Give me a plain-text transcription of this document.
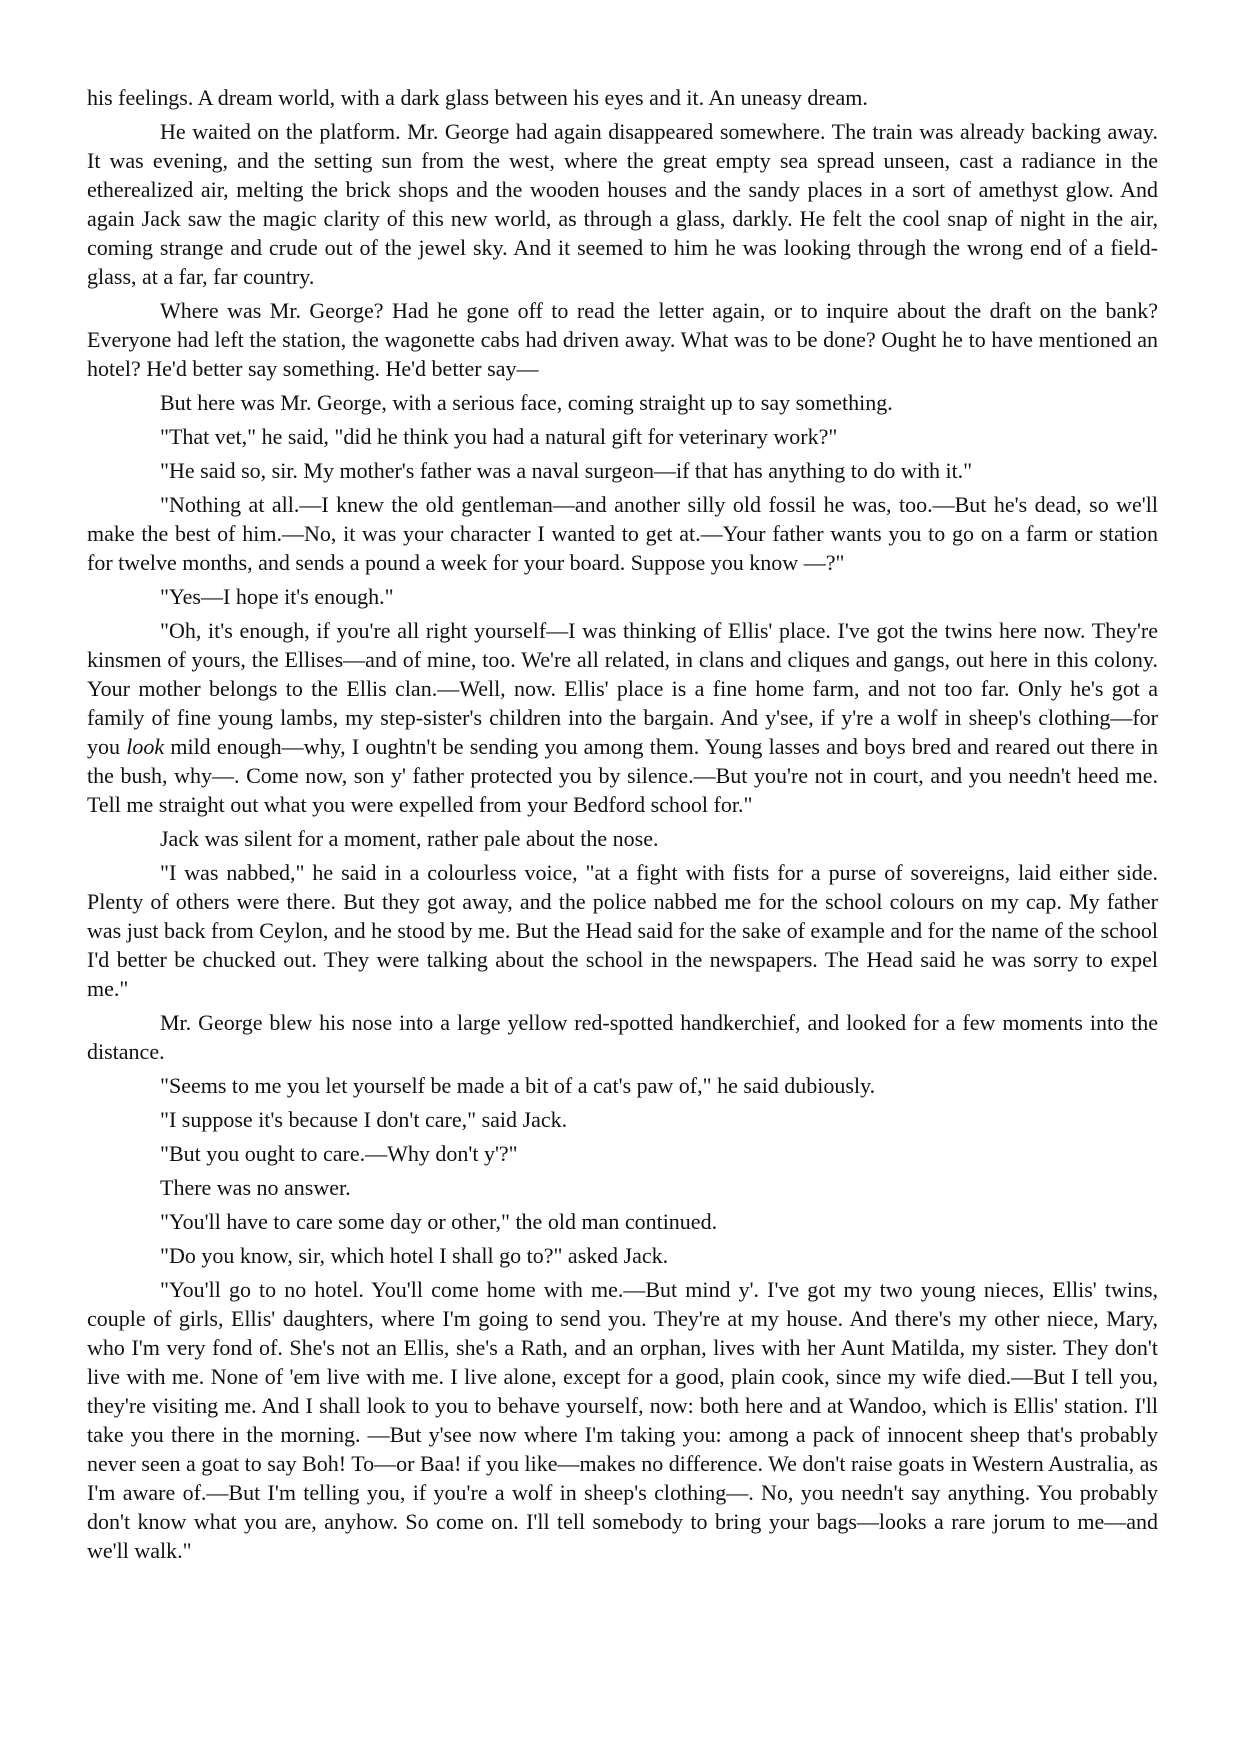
his feelings. A dream world, with a dark glass between his eyes and it. An uneasy dream.

He waited on the platform. Mr. George had again disappeared somewhere. The train was already backing away. It was evening, and the setting sun from the west, where the great empty sea spread unseen, cast a radiance in the etherealized air, melting the brick shops and the wooden houses and the sandy places in a sort of amethyst glow. And again Jack saw the magic clarity of this new world, as through a glass, darkly. He felt the cool snap of night in the air, coming strange and crude out of the jewel sky. And it seemed to him he was looking through the wrong end of a field-glass, at a far, far country.

Where was Mr. George? Had he gone off to read the letter again, or to inquire about the draft on the bank? Everyone had left the station, the wagonette cabs had driven away. What was to be done? Ought he to have mentioned an hotel? He'd better say something. He'd better say—

But here was Mr. George, with a serious face, coming straight up to say something.

"That vet," he said, "did he think you had a natural gift for veterinary work?"

"He said so, sir. My mother's father was a naval surgeon—if that has anything to do with it."

"Nothing at all.—I knew the old gentleman—and another silly old fossil he was, too.—But he's dead, so we'll make the best of him.—No, it was your character I wanted to get at.—Your father wants you to go on a farm or station for twelve months, and sends a pound a week for your board. Suppose you know —?"

"Yes—I hope it's enough."

"Oh, it's enough, if you're all right yourself—I was thinking of Ellis' place. I've got the twins here now. They're kinsmen of yours, the Ellises—and of mine, too. We're all related, in clans and cliques and gangs, out here in this colony. Your mother belongs to the Ellis clan.—Well, now. Ellis' place is a fine home farm, and not too far. Only he's got a family of fine young lambs, my step-sister's children into the bargain. And y'see, if y're a wolf in sheep's clothing—for you look mild enough—why, I oughtn't be sending you among them. Young lasses and boys bred and reared out there in the bush, why—. Come now, son y' father protected you by silence.—But you're not in court, and you needn't heed me. Tell me straight out what you were expelled from your Bedford school for."

Jack was silent for a moment, rather pale about the nose.

"I was nabbed," he said in a colourless voice, "at a fight with fists for a purse of sovereigns, laid either side. Plenty of others were there. But they got away, and the police nabbed me for the school colours on my cap. My father was just back from Ceylon, and he stood by me. But the Head said for the sake of example and for the name of the school I'd better be chucked out. They were talking about the school in the newspapers. The Head said he was sorry to expel me."

Mr. George blew his nose into a large yellow red-spotted handkerchief, and looked for a few moments into the distance.

"Seems to me you let yourself be made a bit of a cat's paw of," he said dubiously.

"I suppose it's because I don't care," said Jack.

"But you ought to care.—Why don't y'?"

There was no answer.

"You'll have to care some day or other," the old man continued.

"Do you know, sir, which hotel I shall go to?" asked Jack.

"You'll go to no hotel. You'll come home with me.—But mind y'. I've got my two young nieces, Ellis' twins, couple of girls, Ellis' daughters, where I'm going to send you. They're at my house. And there's my other niece, Mary, who I'm very fond of. She's not an Ellis, she's a Rath, and an orphan, lives with her Aunt Matilda, my sister. They don't live with me. None of 'em live with me. I live alone, except for a good, plain cook, since my wife died.—But I tell you, they're visiting me. And I shall look to you to behave yourself, now: both here and at Wandoo, which is Ellis' station. I'll take you there in the morning. —But y'see now where I'm taking you: among a pack of innocent sheep that's probably never seen a goat to say Boh! To—or Baa! if you like—makes no difference. We don't raise goats in Western Australia, as I'm aware of.—But I'm telling you, if you're a wolf in sheep's clothing—. No, you needn't say anything. You probably don't know what you are, anyhow. So come on. I'll tell somebody to bring your bags—looks a rare jorum to me—and we'll walk."
